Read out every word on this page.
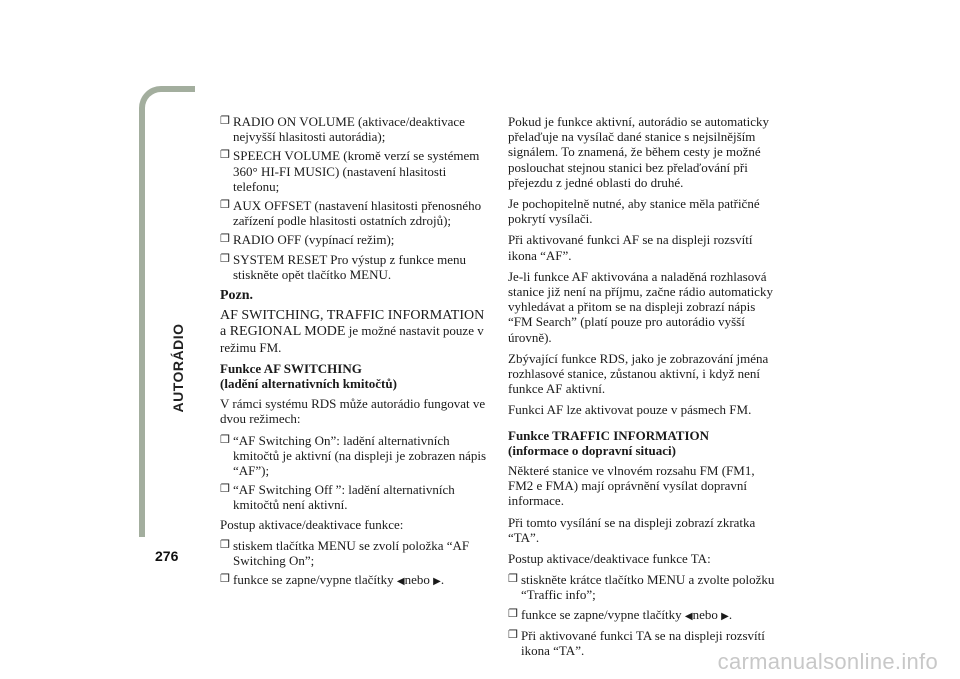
AUTORÁDIO
276
❐ RADIO ON VOLUME (aktivace/deaktivace nejvyšší hlasitosti autorádia);
❐ SPEECH VOLUME (kromě verzí se systémem 360° HI-FI MUSIC) (nastavení hlasitosti telefonu;
❐ AUX OFFSET (nastavení hlasitosti přenosného zařízení podle hlasitosti ostatních zdrojů);
❐ RADIO OFF (vypínací režim);
❐ SYSTEM RESET Pro výstup z funkce menu stiskněte opět tlačítko MENU.
Pozn.

AF SWITCHING, TRAFFIC INFORMATION a REGIONAL MODE je možné nastavit pouze v režimu FM.

Funkce AF SWITCHING
(ladění alternativních kmitočtů)

V rámci systému RDS může autorádio fungovat ve dvou režimech:

❐ “AF Switching On”: ladění alternativních kmitočtů je aktivní (na displeji je zobrazen nápis “AF”);
❐ “AF Switching Off ”: ladění alternativních kmitočtů není aktivní.

Postup aktivace/deaktivace funkce:

❐ stiskem tlačítka MENU se zvolí položka “AF Switching On”;
❐ funkce se zapne/vypne tlačítky ◀nebo ▶.

Pokud je funkce aktivní, autorádio se automaticky přelaďuje na vysílač dané stanice s nejsilnějším signálem. To znamená, že během cesty je možné poslouchat stejnou stanici bez přelaďování při přejezdu z jedné oblasti do druhé.

Je pochopitelně nutné, aby stanice měla patřičné pokrytí vysílači.

Při aktivované funkci AF se na displeji rozsvítí ikona “AF”.

Je-li funkce AF aktivována a naladěná rozhlasová stanice již není na příjmu, začne rádio automaticky vyhledávat a přitom se na displeji zobrazí nápis “FM Search” (platí pouze pro autorádio vyšší úrovně).

Zbývající funkce RDS, jako je zobrazování jména rozhlasové stanice, zůstanou aktivní, i když není funkce AF aktivní.

Funkci AF lze aktivovat pouze v pásmech FM.

Funkce TRAFFIC INFORMATION
(informace o dopravní situaci)

Některé stanice ve vlnovém rozsahu FM (FM1, FM2 e FMA) mají oprávnění vysílat dopravní informace.

Při tomto vysílání se na displeji zobrazí zkratka “TA”.

Postup aktivace/deaktivace funkce TA:

❐ stiskněte krátce tlačítko MENU a zvolte položku “Traffic info”;
❐ funkce se zapne/vypne tlačítky ◀nebo ▶.
❐ Při aktivované funkci TA se na displeji rozsvítí ikona “TA”.	carmanualsonline.info
